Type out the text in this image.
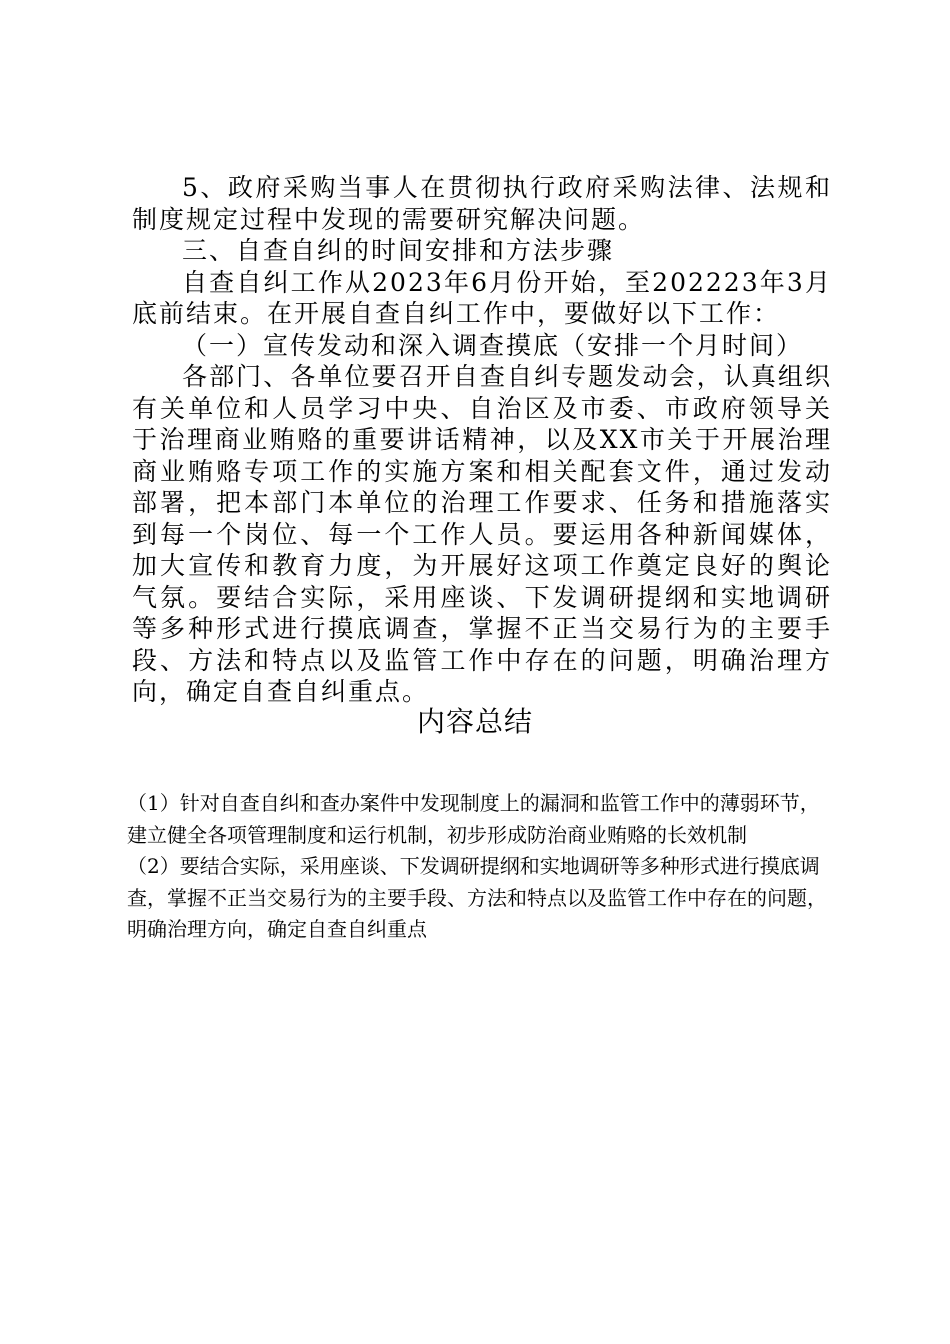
5、政府采购当事人在贯彻执行政府采购法律、法规和制度规定过程中发现的需要研究解决问题。

三、自查自纠的时间安排和方法步骤

自查自纠工作从2023年6月份开始，至202223年3月底前结束。在开展自查自纠工作中，要做好以下工作：

（一）宣传发动和深入调查摸底（安排一个月时间）

各部门、各单位要召开自查自纠专题发动会，认真组织有关单位和人员学习中央、自治区及市委、市政府领导关于治理商业贿赂的重要讲话精神，以及XX市关于开展治理商业贿赂专项工作的实施方案和相关配套文件，通过发动部署，把本部门本单位的治理工作要求、任务和措施落实到每一个岗位、每一个工作人员。要运用各种新闻媒体，加大宣传和教育力度，为开展好这项工作奠定良好的舆论气氛。要结合实际，采用座谈、下发调研提纲和实地调研等多种形式进行摸底调查，掌握不正当交易行为的主要手段、方法和特点以及监管工作中存在的问题，明确治理方向，确定自查自纠重点。

内容总结

（1）针对自查自纠和查办案件中发现制度上的漏洞和监管工作中的薄弱环节，建立健全各项管理制度和运行机制，初步形成防治商业贿赂的长效机制

（2）要结合实际，采用座谈、下发调研提纲和实地调研等多种形式进行摸底调查，掌握不正当交易行为的主要手段、方法和特点以及监管工作中存在的问题，明确治理方向，确定自查自纠重点
